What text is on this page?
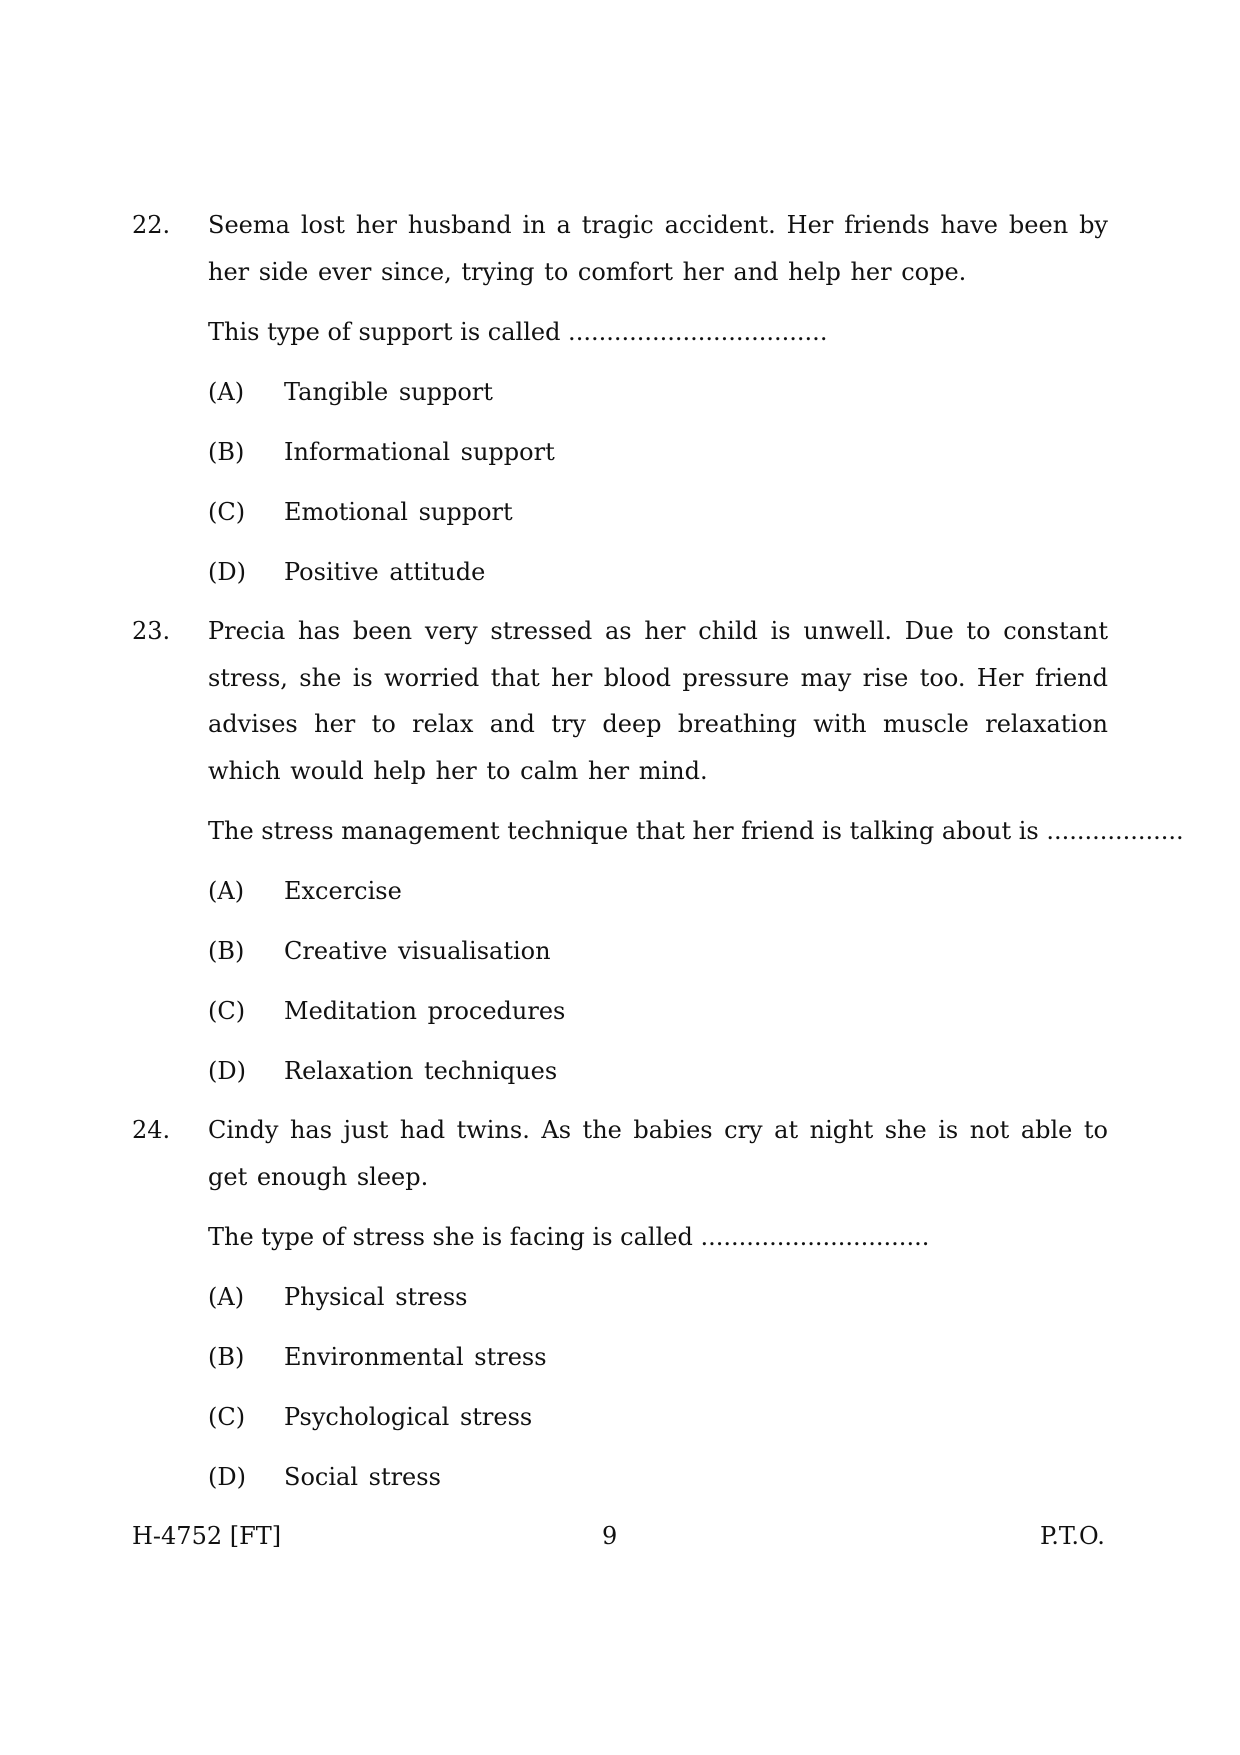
22. Seema lost her husband in a tragic accident. Her friends have been by her side ever since, trying to comfort her and help her cope.

This type of support is called ..................................

(A)	Tangible support
(B)	Informational support
(C)	Emotional support
(D)	Positive attitude
23. Precia has been very stressed as her child is unwell. Due to constant stress, she is worried that her blood pressure may rise too. Her friend advises her to relax and try deep breathing with muscle relaxation which would help her to calm her mind.

The stress management technique that her friend is talking about is ..................

(A)	Excercise
(B)	Creative visualisation
(C)	Meditation procedures
(D)	Relaxation techniques
24. Cindy has just had twins. As the babies cry at night she is not able to get enough sleep.

The type of stress she is facing is called ..............................

(A)	Physical stress
(B)	Environmental stress
(C)	Psychological stress
(D)	Social stress
H-4752 [FT]	9	P.T.O.
